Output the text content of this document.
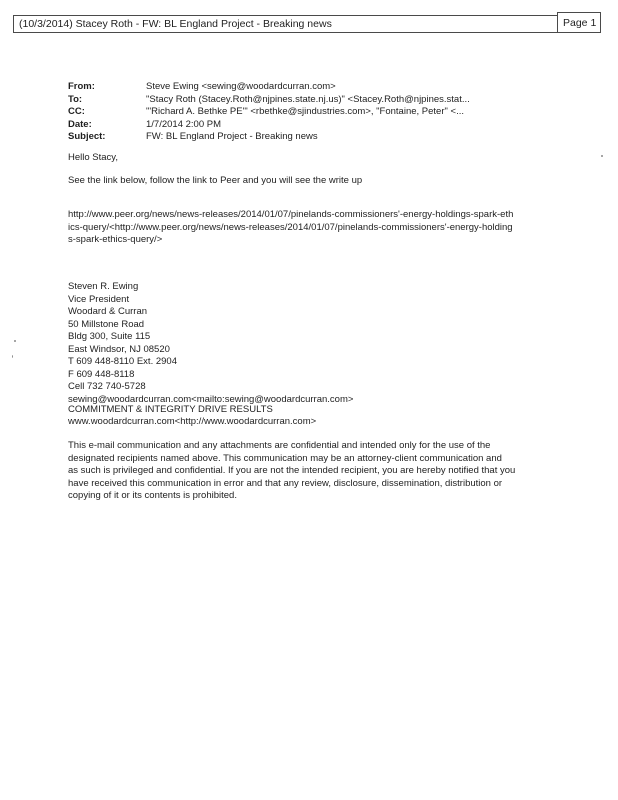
(10/3/2014) Stacey Roth - FW: BL England Project - Breaking news	Page 1
From:	Steve Ewing <sewing@woodardcurran.com>
To:	"Stacy Roth (Stacey.Roth@njpines.state.nj.us)" <Stacey.Roth@njpines.stat...
CC:	"'Richard A. Bethke PE'" <rbethke@sjindustries.com>, "Fontaine, Peter" <...
Date:	1/7/2014 2:00 PM
Subject:	FW: BL England Project - Breaking news
Hello Stacy,
See the link below, follow the link to Peer and you will see the write up
http://www.peer.org/news/news-releases/2014/01/07/pinelands-commissioners'-energy-holdings-spark-eth
ics-query/<http://www.peer.org/news/news-releases/2014/01/07/pinelands-commissioners'-energy-holding
s-spark-ethics-query/>
Steven R. Ewing
Vice President
Woodard & Curran
50 Millstone Road
Bldg 300, Suite 115
East Windsor, NJ 08520
T 609 448-8110 Ext. 2904
F 609 448-8118
Cell 732 740-5728
sewing@woodardcurran.com<mailto:sewing@woodardcurran.com>
COMMITMENT & INTEGRITY DRIVE RESULTS
www.woodardcurran.com<http://www.woodardcurran.com>
This e-mail communication and any attachments are confidential and intended only for the use of the
designated recipients named above. This communication may be an attorney-client communication and
as such is privileged and confidential. If you are not the intended recipient, you are hereby notified that you
have received this communication in error and that any review, disclosure, dissemination, distribution or
copying of it or its contents is prohibited.
